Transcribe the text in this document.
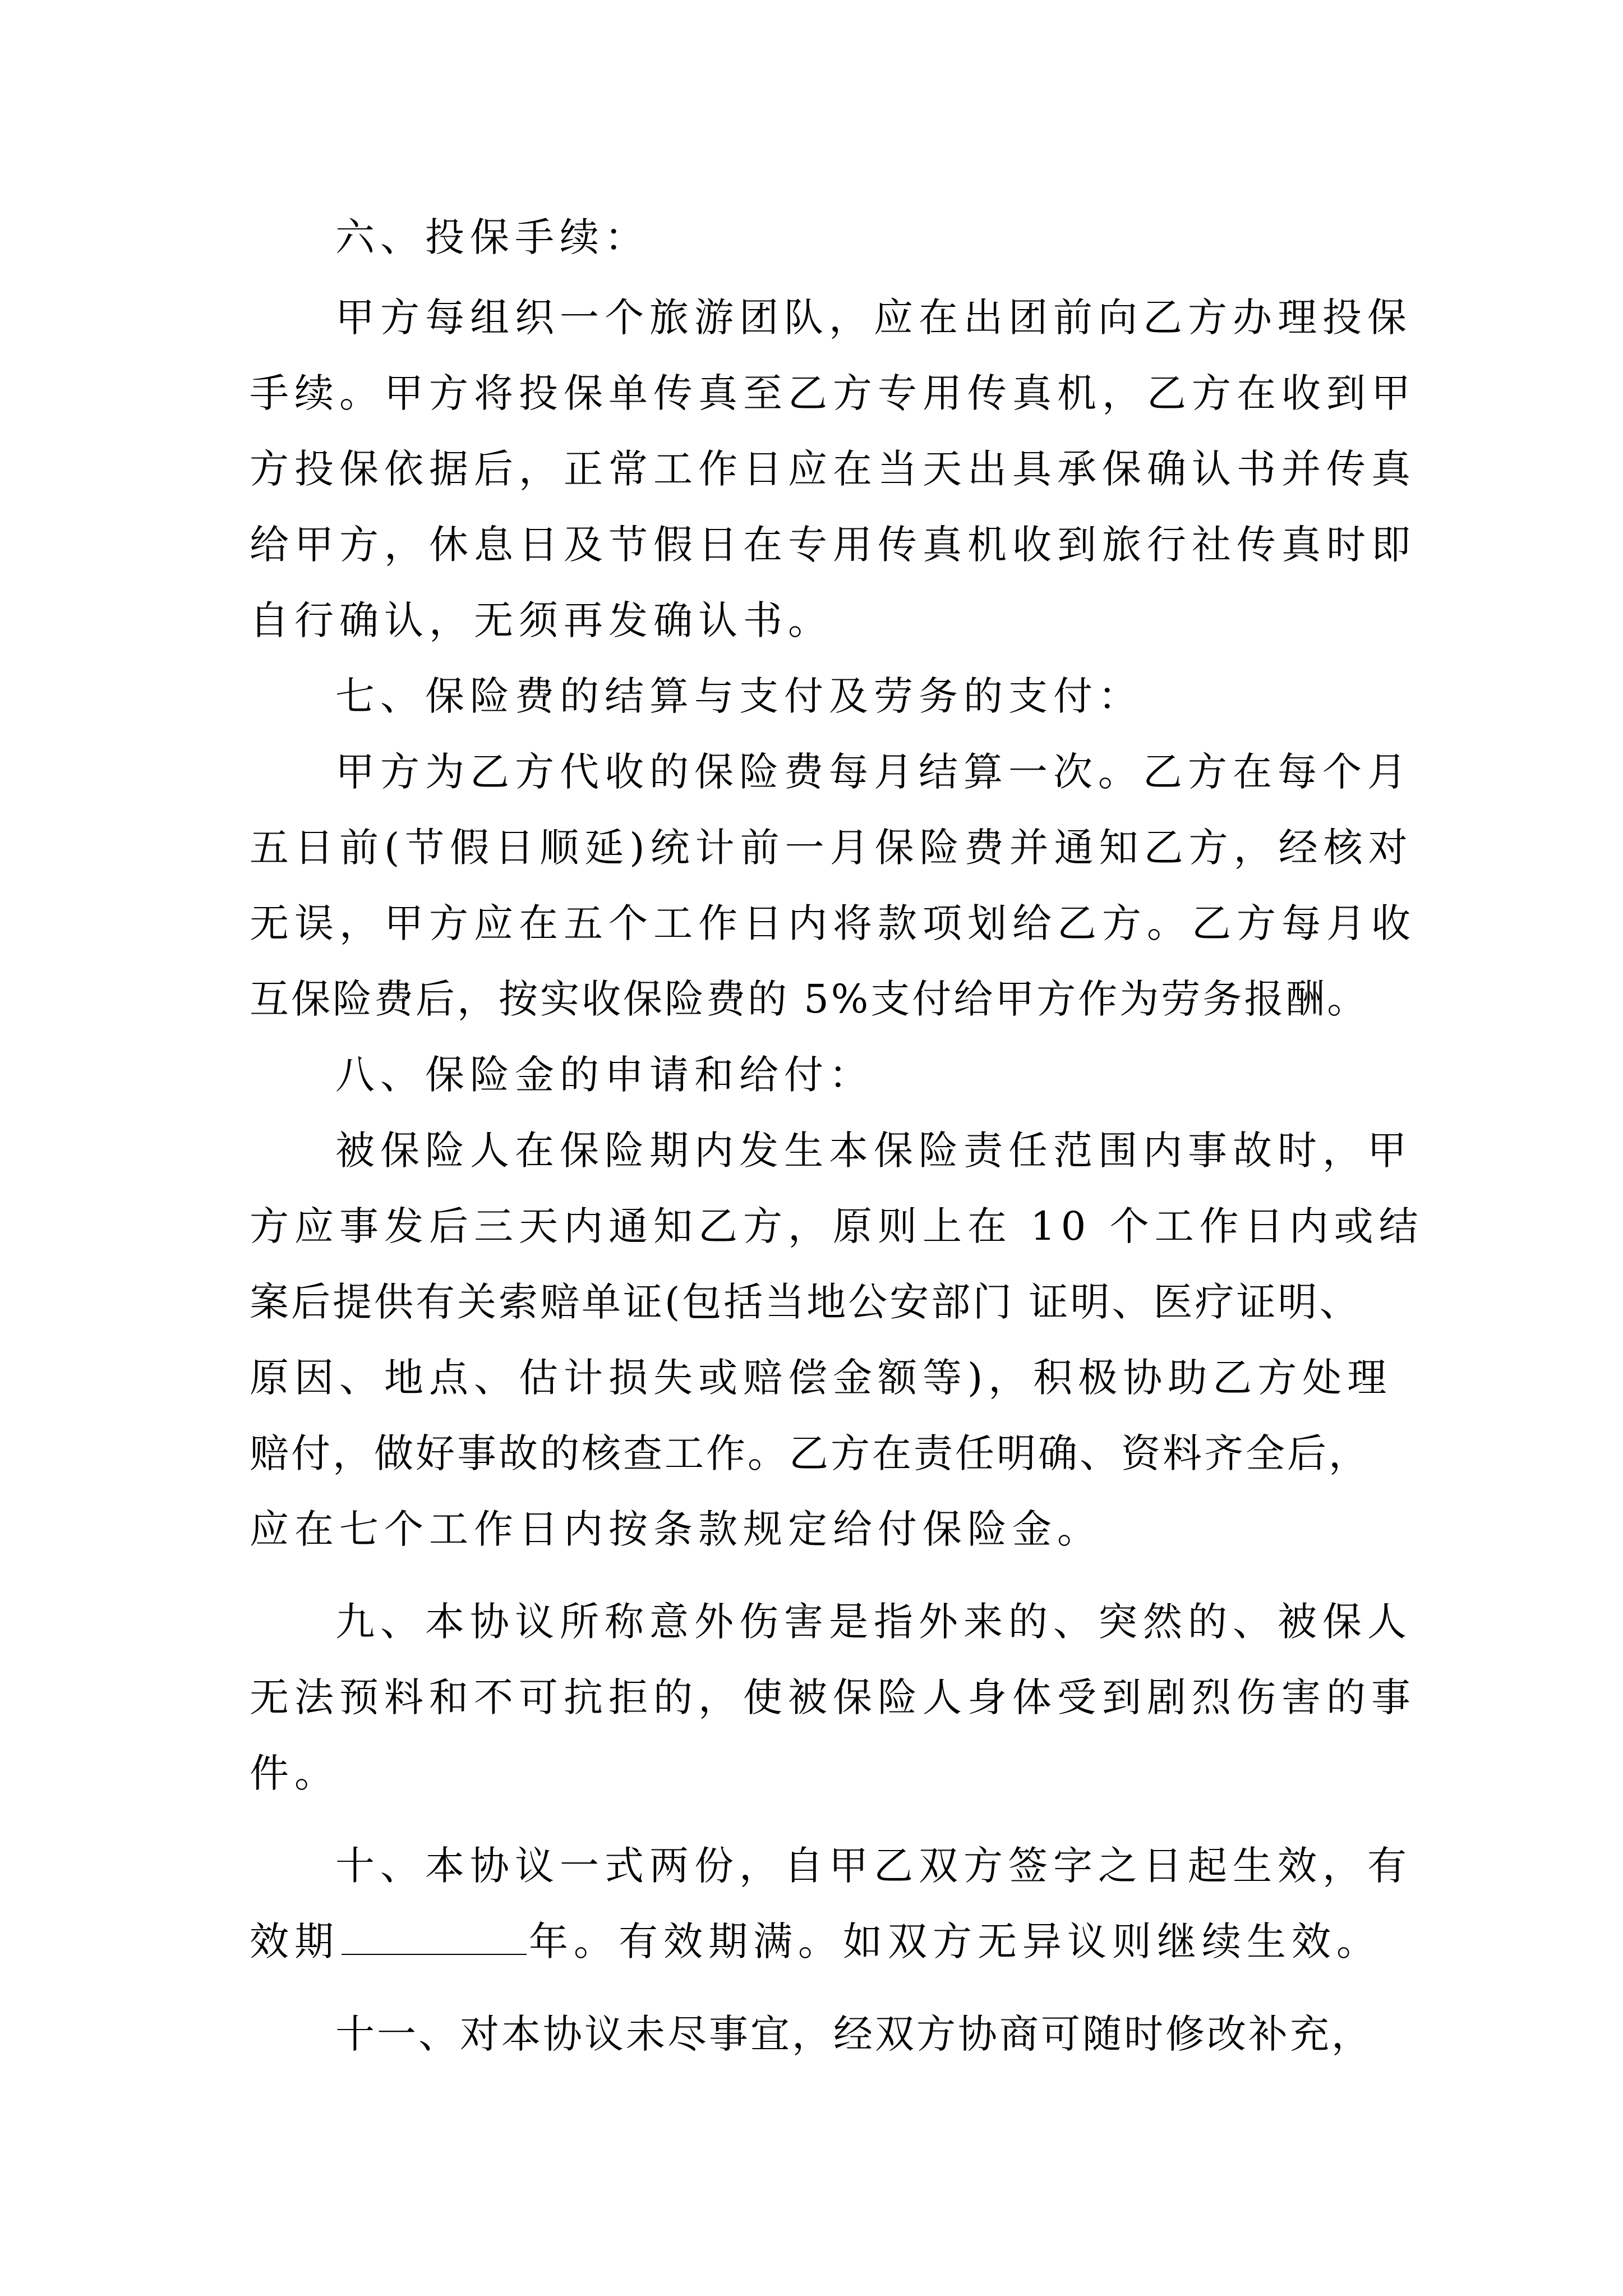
六、投保手续：
甲方每组织一个旅游团队，应在出团前向乙方办理投保
手续。甲方将投保单传真至乙方专用传真机，乙方在收到甲
方投保依据后，正常工作日应在当天出具承保确认书并传真
给甲方，休息日及节假日在专用传真机收到旅行社传真时即
自行确认，无须再发确认书。
七、保险费的结算与支付及劳务的支付：
甲方为乙方代收的保险费每月结算一次。乙方在每个月
五日前(节假日顺延)统计前一月保险费并通知乙方，经核对
无误，甲方应在五个工作日内将款项划给乙方。乙方每月收
互保险费后，按实收保险费的 5%支付给甲方作为劳务报酬。
八、保险金的申请和给付：
被保险人在保险期内发生本保险责任范围内事故时，甲
方应事发后三天内通知乙方，原则上在 10 个工作日内或结
案后提供有关索赔单证(包括当地公安部门 证明、医疗证明、
原因、地点、估计损失或赔偿金额等)，积极协助乙方处理
赔付，做好事故的核查工作。乙方在责任明确、资料齐全后，
应在七个工作日内按条款规定给付保险金。
九、本协议所称意外伤害是指外来的、突然的、被保人
无法预料和不可抗拒的，使被保险人身体受到剧烈伤害的事
件。
十、本协议一式两份，自甲乙双方签字之日起生效，有
效期	年。有效期满。如双方无异议则继续生效。
十一、对本协议未尽事宜，经双方协商可随时修改补充，
